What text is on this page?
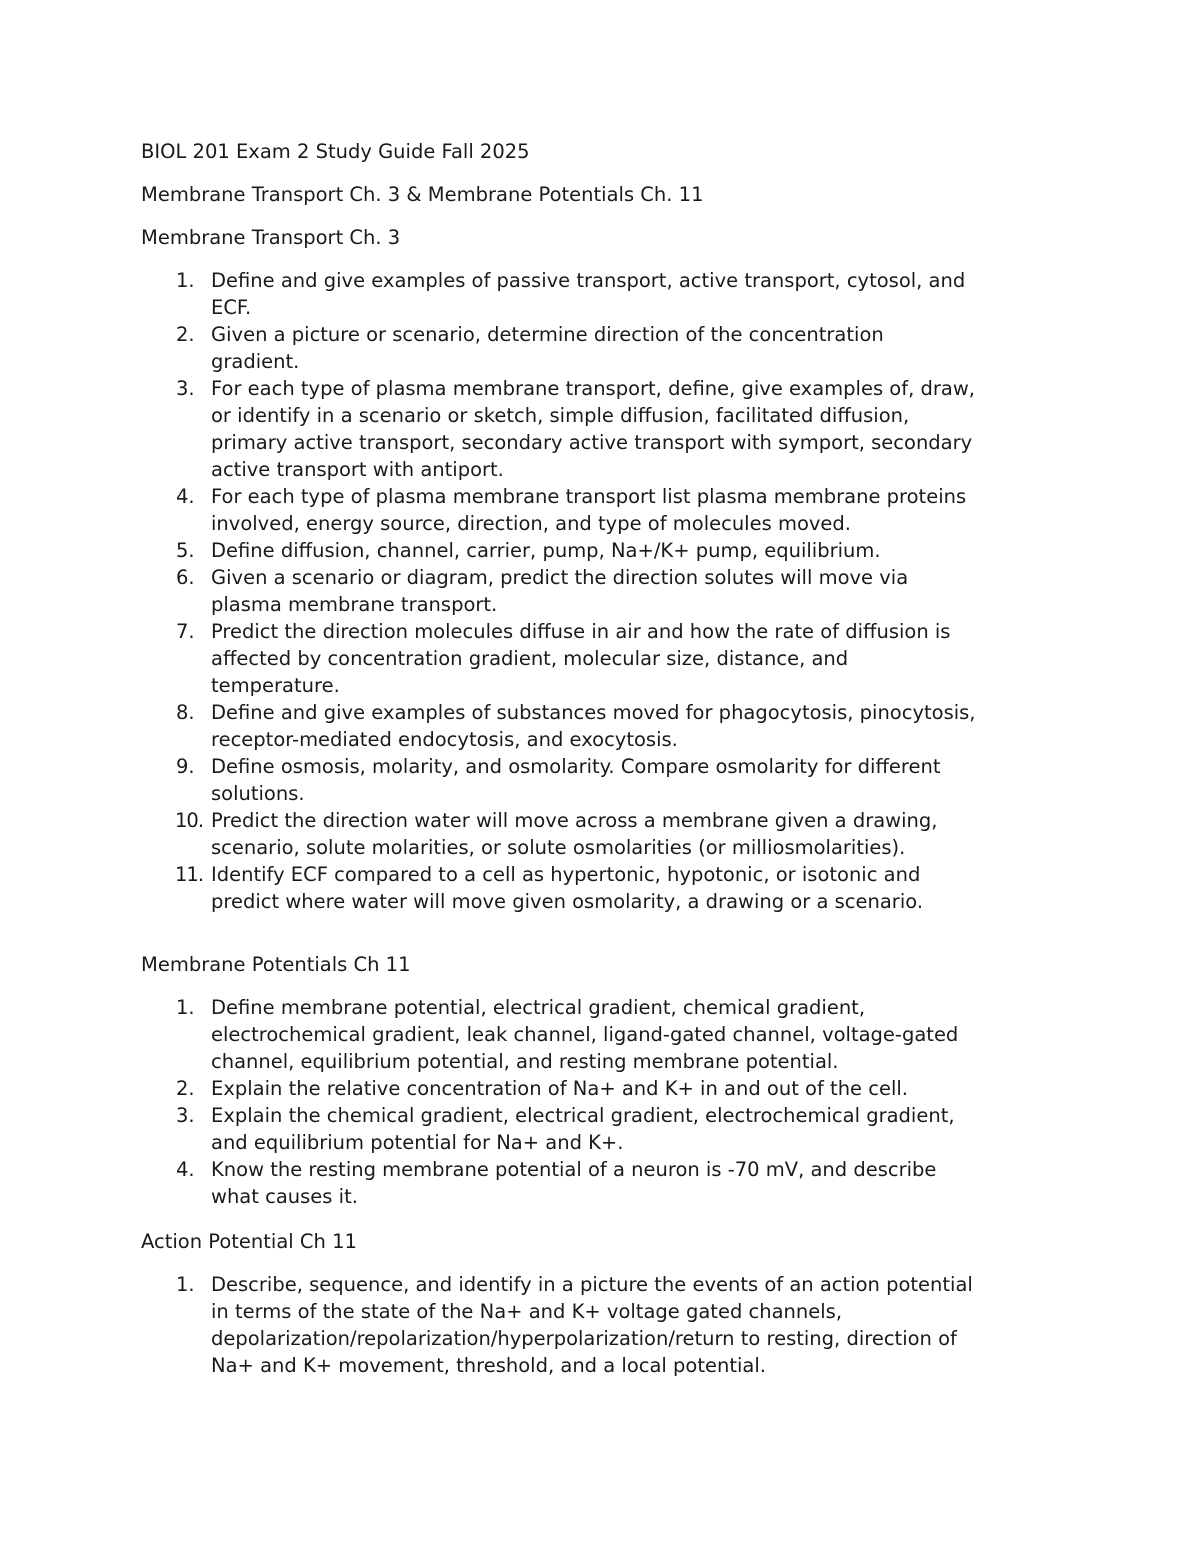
BIOL 201 Exam 2 Study Guide Fall 2025

Membrane Transport Ch. 3 & Membrane Potentials Ch. 11

Membrane Transport Ch. 3

1. Define and give examples of passive transport, active transport, cytosol, and
ECF.
2. Given a picture or scenario, determine direction of the concentration
gradient.
3. For each type of plasma membrane transport, define, give examples of, draw,
or identify in a scenario or sketch, simple diffusion, facilitated diffusion,
primary active transport, secondary active transport with symport, secondary
active transport with antiport.
4. For each type of plasma membrane transport list plasma membrane proteins
involved, energy source, direction, and type of molecules moved.
5. Define diffusion, channel, carrier, pump, Na+/K+ pump, equilibrium.
6. Given a scenario or diagram, predict the direction solutes will move via
plasma membrane transport.
7. Predict the direction molecules diffuse in air and how the rate of diffusion is
affected by concentration gradient, molecular size, distance, and
temperature.
8. Define and give examples of substances moved for phagocytosis, pinocytosis,
receptor-mediated endocytosis, and exocytosis.
9. Define osmosis, molarity, and osmolarity. Compare osmolarity for different
solutions.
10. Predict the direction water will move across a membrane given a drawing,
scenario, solute molarities, or solute osmolarities (or milliosmolarities).
11. Identify ECF compared to a cell as hypertonic, hypotonic, or isotonic and
predict where water will move given osmolarity, a drawing or a scenario.

Membrane Potentials Ch 11

1. Define membrane potential, electrical gradient, chemical gradient,
electrochemical gradient, leak channel, ligand-gated channel, voltage-gated
channel, equilibrium potential, and resting membrane potential.
2. Explain the relative concentration of Na+ and K+ in and out of the cell.
3. Explain the chemical gradient, electrical gradient, electrochemical gradient,
and equilibrium potential for Na+ and K+.
4. Know the resting membrane potential of a neuron is -70 mV, and describe
what causes it.

Action Potential Ch 11

1. Describe, sequence, and identify in a picture the events of an action potential
in terms of the state of the Na+ and K+ voltage gated channels,
depolarization/repolarization/hyperpolarization/return to resting, direction of
Na+ and K+ movement, threshold, and a local potential.
